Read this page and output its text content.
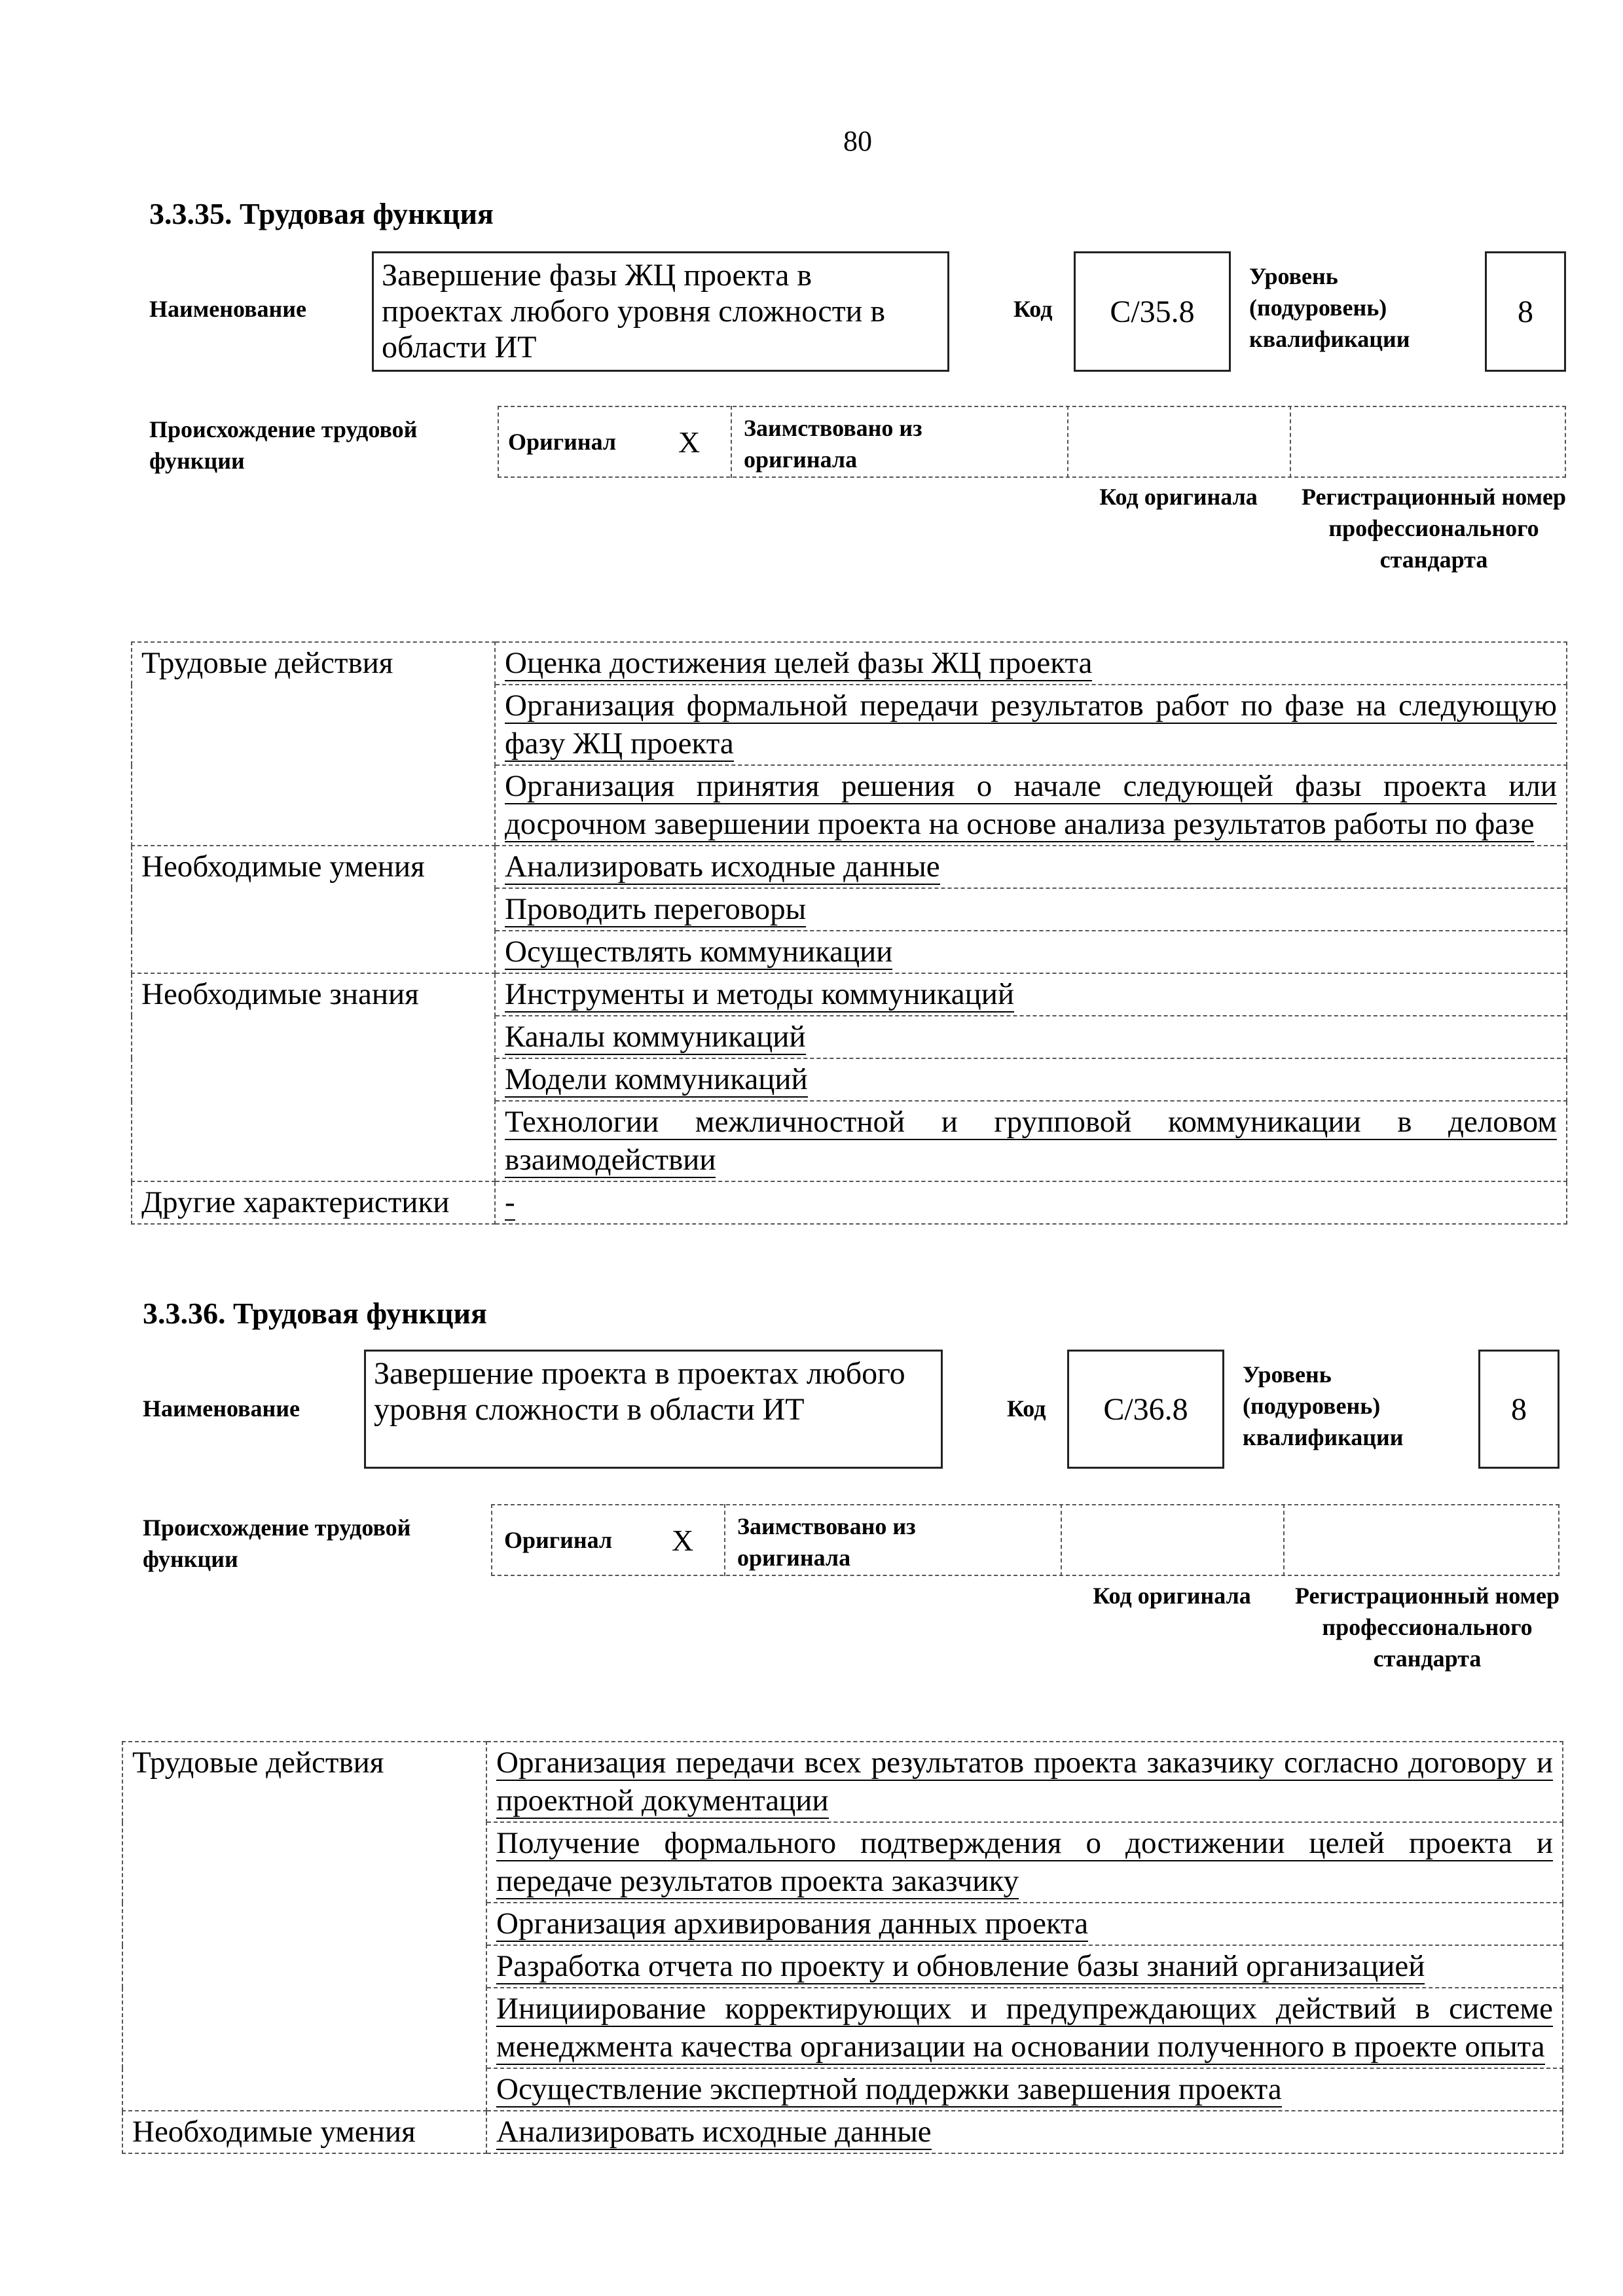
80
3.3.35. Трудовая функция
Наименование
Завершение фазы ЖЦ проекта в проектах любого уровня сложности в области ИТ
Код С/35.8
Уровень (подуровень) квалификации
8
Происхождение трудовой функции
Оригинал X Заимствовано из оригинала
Код оригинала	Регистрационный номер профессионального стандарта
Трудовые действия	Оценка достижения целей фазы ЖЦ проекта
	Организация формальной передачи результатов работ по фазе на следующую фазу ЖЦ проекта
	Организация принятия решения о начале следующей фазы проекта или досрочном завершении проекта на основе анализа результатов работы по фазе
Необходимые умения	Анализировать исходные данные
	Проводить переговоры
	Осуществлять коммуникации
Необходимые знания	Инструменты и методы коммуникаций
	Каналы коммуникаций
	Модели коммуникаций
	Технологии межличностной и групповой коммуникации в деловом взаимодействии
Другие характеристики	-
3.3.36. Трудовая функция
Наименование
Завершение проекта в проектах любого уровня сложности в области ИТ	Код С/36.8
Уровень (подуровень) квалификации
8
Происхождение трудовой функции
Оригинал X Заимствовано из оригинала
Код оригинала	Регистрационный номер профессионального стандарта
Трудовые действия	Организация передачи всех результатов проекта заказчику согласно договору и проектной документации
	Получение формального подтверждения о достижении целей проекта и передаче результатов проекта заказчику
	Организация архивирования данных проекта
	Разработка отчета по проекту и обновление базы знаний организацией
	Инициирование корректирующих и предупреждающих действий в системе менеджмента качества организации на основании полученного в проекте опыта
	Осуществление экспертной поддержки завершения проекта
Необходимые умения	Анализировать исходные данные
